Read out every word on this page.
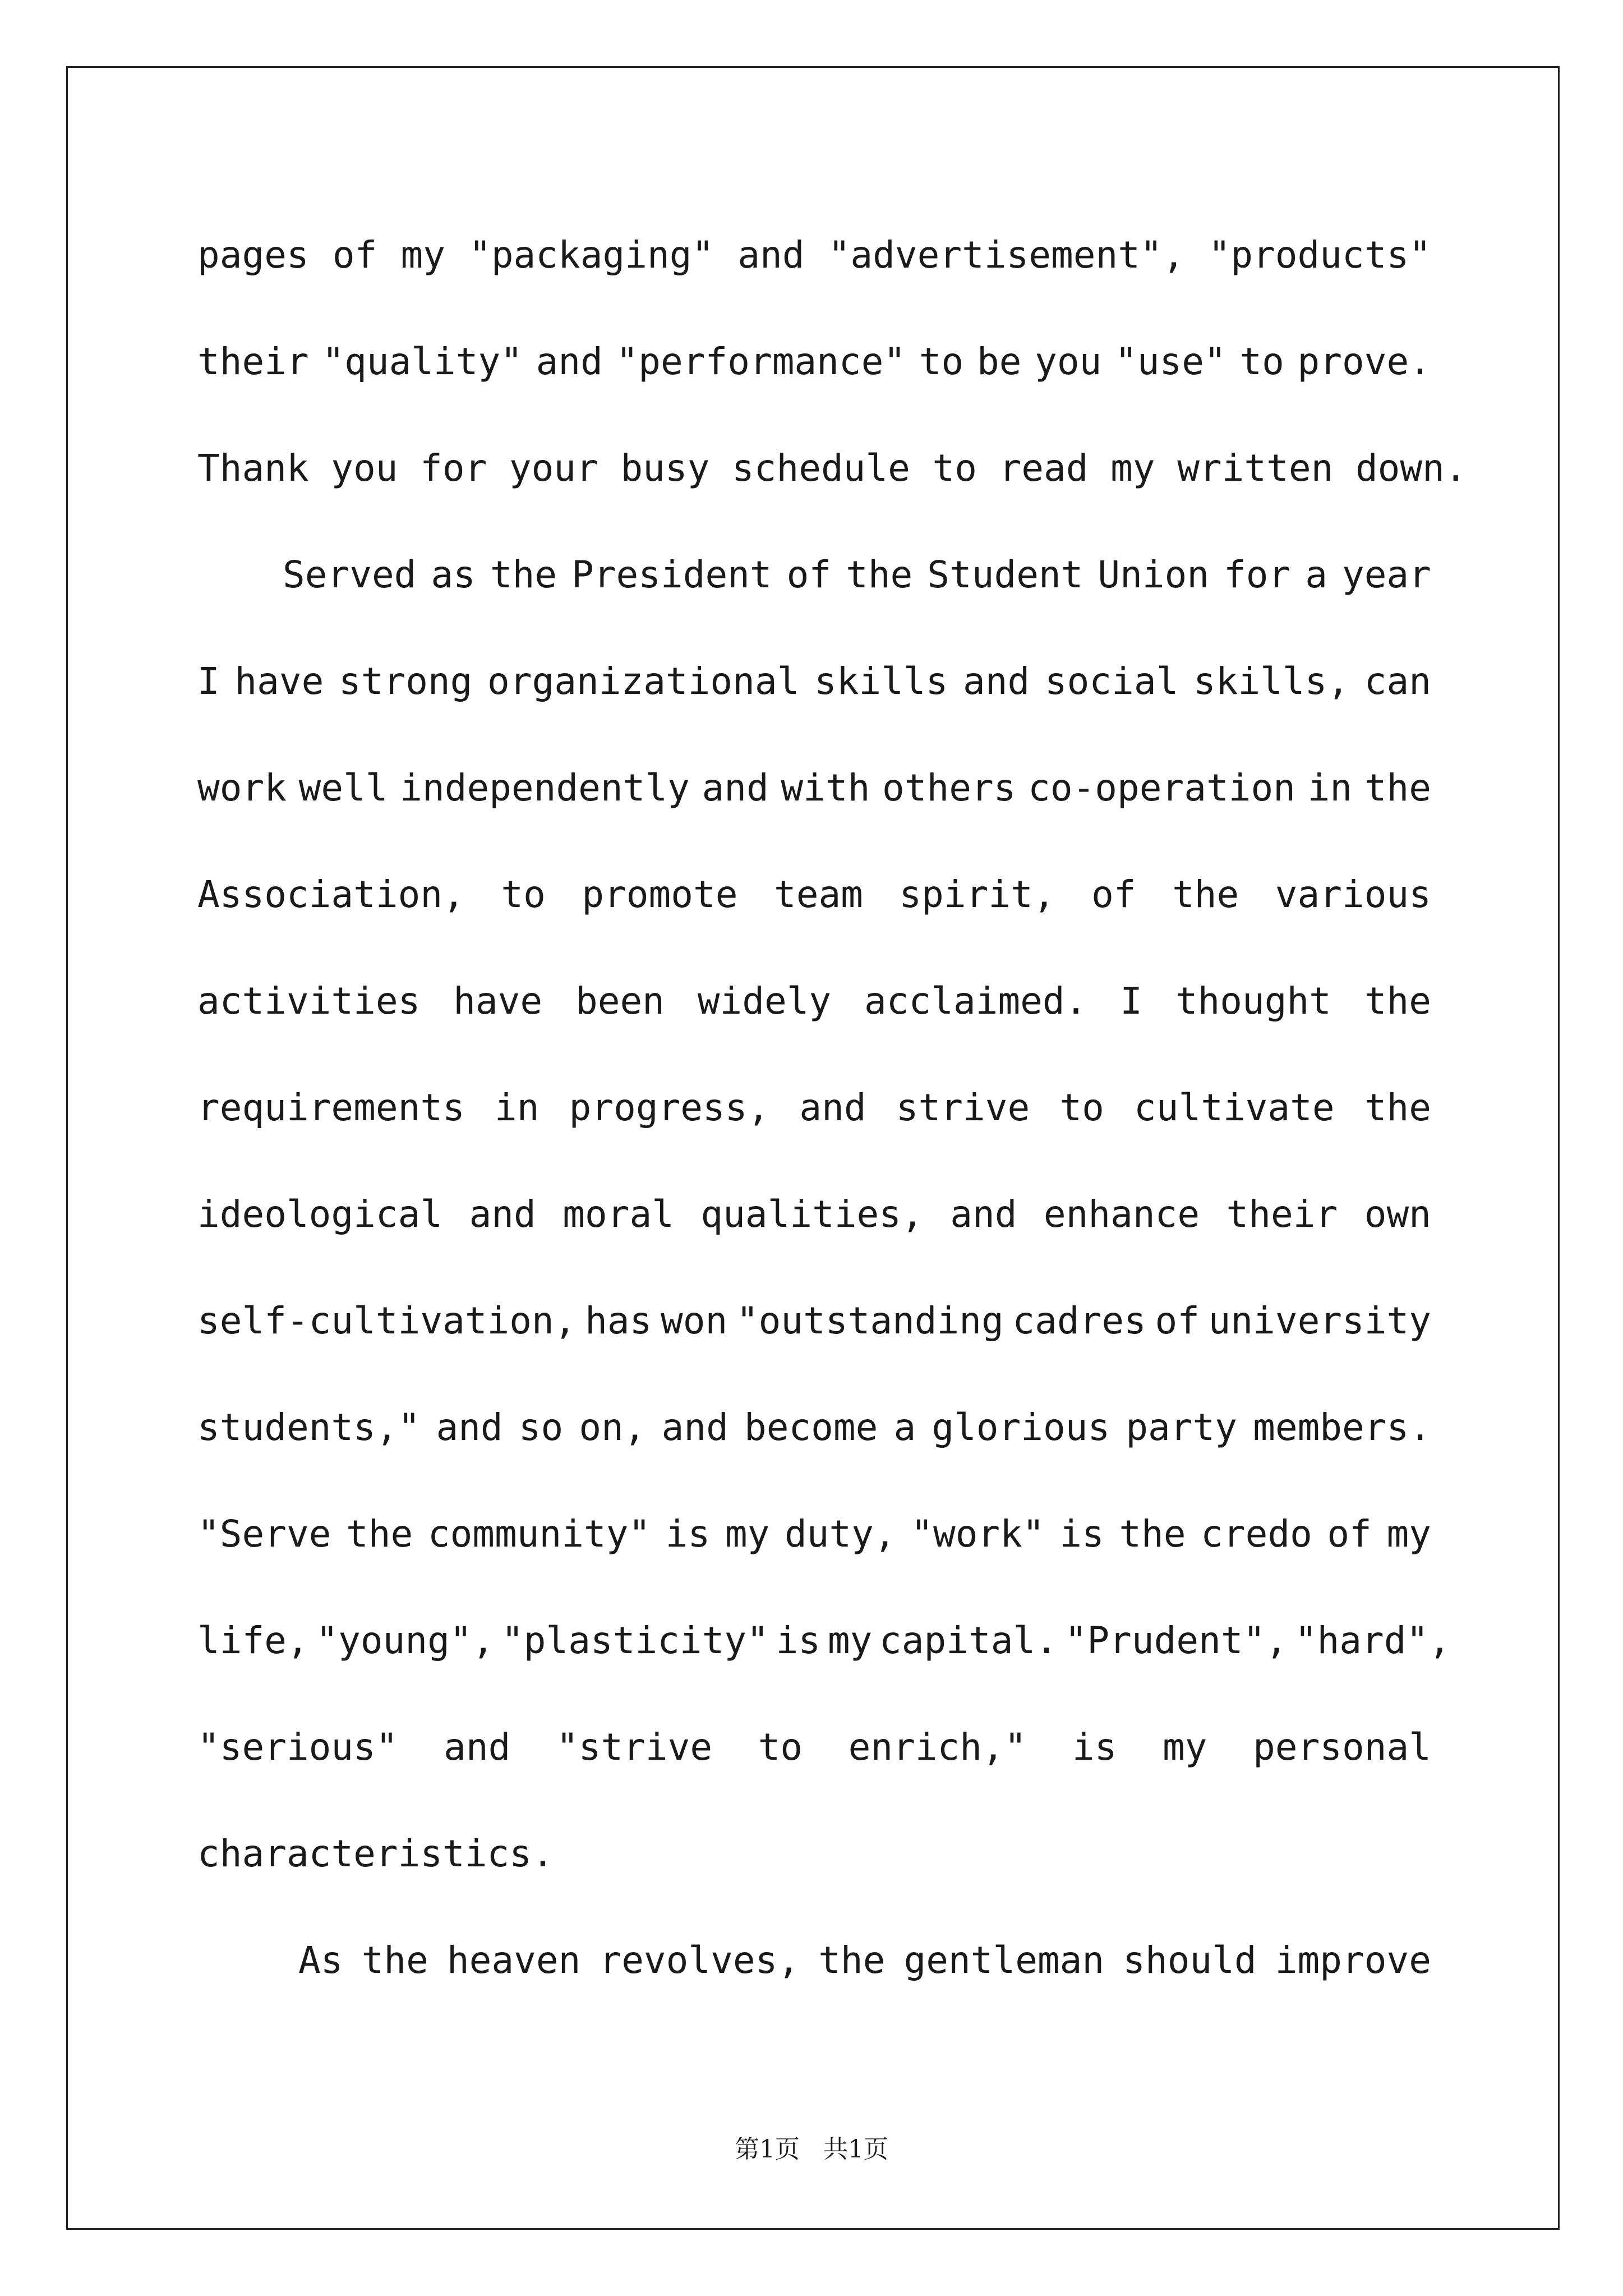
pages of my "packaging" and "advertisement", "products"
their "quality" and "performance" to be you "use" to prove.
Thank you for your busy schedule to read my written down.
Served as the President of the Student Union for a year
I have strong organizational skills and social skills, can
work well independently and with others co-operation in the
Association, to promote team spirit, of the various
activities have been widely acclaimed. I thought the
requirements in progress, and strive to cultivate the
ideological and moral qualities, and enhance their own
self-cultivation, has won "outstanding cadres of university
students," and so on, and become a glorious party members.
"Serve the community" is my duty, "work" is the credo of my
life, "young", "plasticity" is my capital. "Prudent", "hard",
"serious" and "strive to enrich," is my personal
characteristics.
As the heaven revolves, the gentleman should improve
第1页   共1页
